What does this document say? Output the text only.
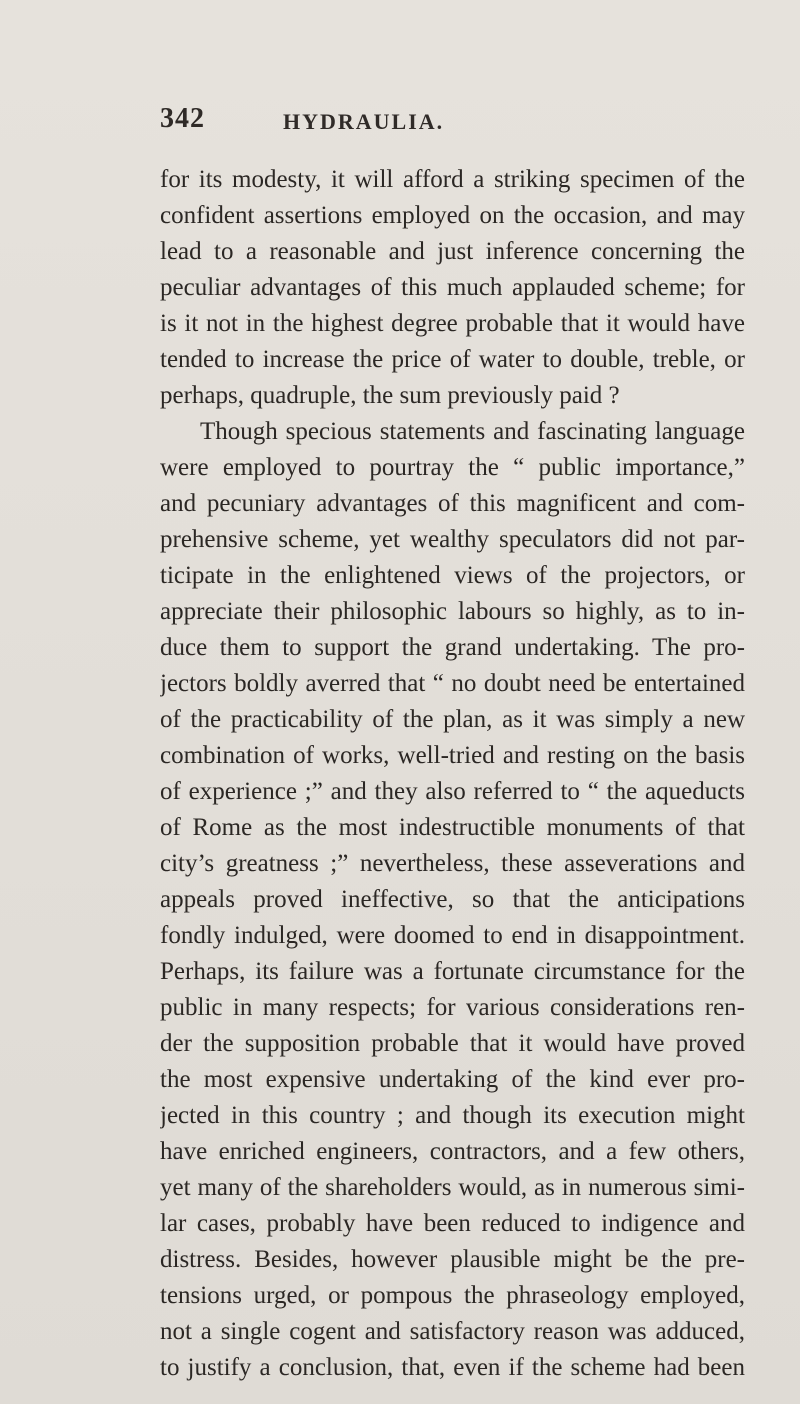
342	HYDRAULIA.
for its modesty, it will afford a striking specimen of the
confident assertions employed on the occasion, and may
lead to a reasonable and just inference concerning the
peculiar advantages of this much applauded scheme; for
is it not in the highest degree probable that it would have
tended to increase the price of water to double, treble, or
perhaps, quadruple, the sum previously paid ?
Though specious statements and fascinating language
were employed to pourtray the “ public importance,”
and pecuniary advantages of this magnificent and com-
prehensive scheme, yet wealthy speculators did not par-
ticipate in the enlightened views of the projectors, or
appreciate their philosophic labours so highly, as to in-
duce them to support the grand undertaking. The pro-
jectors boldly averred that “ no doubt need be entertained
of the practicability of the plan, as it was simply a new
combination of works, well-tried and resting on the basis
of experience ;” and they also referred to “ the aqueducts
of Rome as the most indestructible monuments of that
city’s greatness ;” nevertheless, these asseverations and
appeals proved ineffective, so that the anticipations
fondly indulged, were doomed to end in disappointment.
Perhaps, its failure was a fortunate circumstance for the
public in many respects; for various considerations ren-
der the supposition probable that it would have proved
the most expensive undertaking of the kind ever pro-
jected in this country ; and though its execution might
have enriched engineers, contractors, and a few others,
yet many of the shareholders would, as in numerous simi-
lar cases, probably have been reduced to indigence and
distress. Besides, however plausible might be the pre-
tensions urged, or pompous the phraseology employed,
not a single cogent and satisfactory reason was adduced,
to justify a conclusion, that, even if the scheme had been
